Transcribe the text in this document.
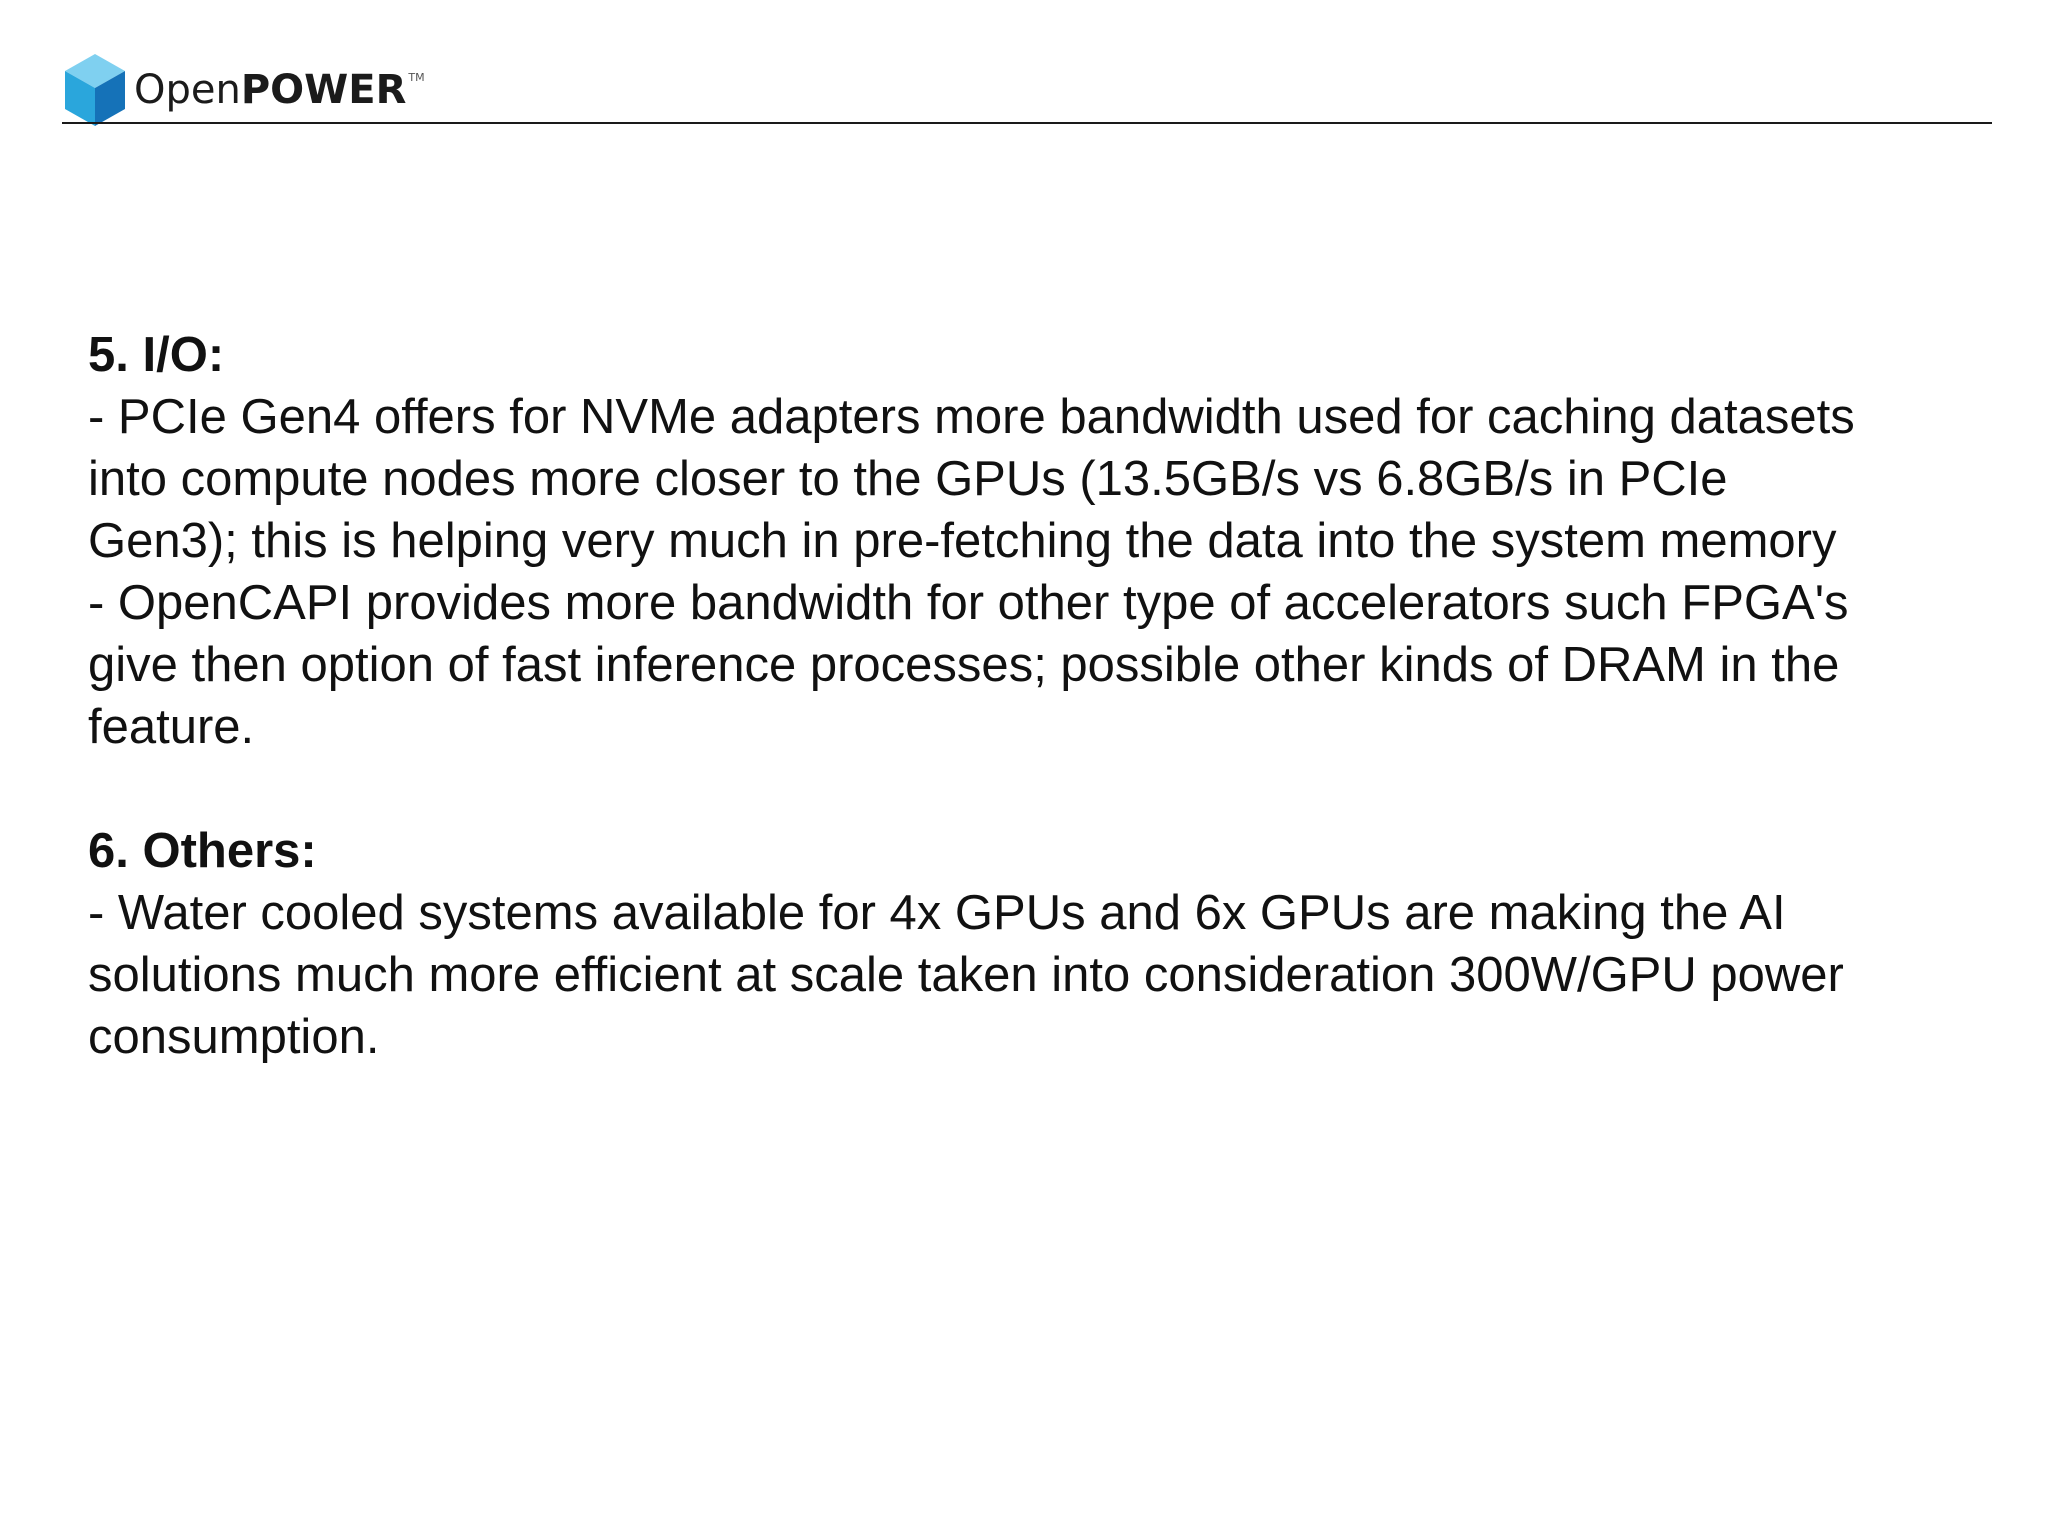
Open POWER TM
5. I/O:

- PCIe Gen4 offers for NVMe adapters more bandwidth used for caching datasets into compute nodes more closer to the GPUs (13.5GB/s vs 6.8GB/s in PCIe Gen3); this is helping very much in pre-fetching the data into the system memory

- OpenCAPI provides more bandwidth for other type of accelerators such FPGA's give then option of fast inference processes; possible other kinds of DRAM in the feature.

6. Others:

- Water cooled systems available for 4x GPUs and 6x GPUs are making the AI solutions much more efficient at scale taken into consideration 300W/GPU power consumption.
